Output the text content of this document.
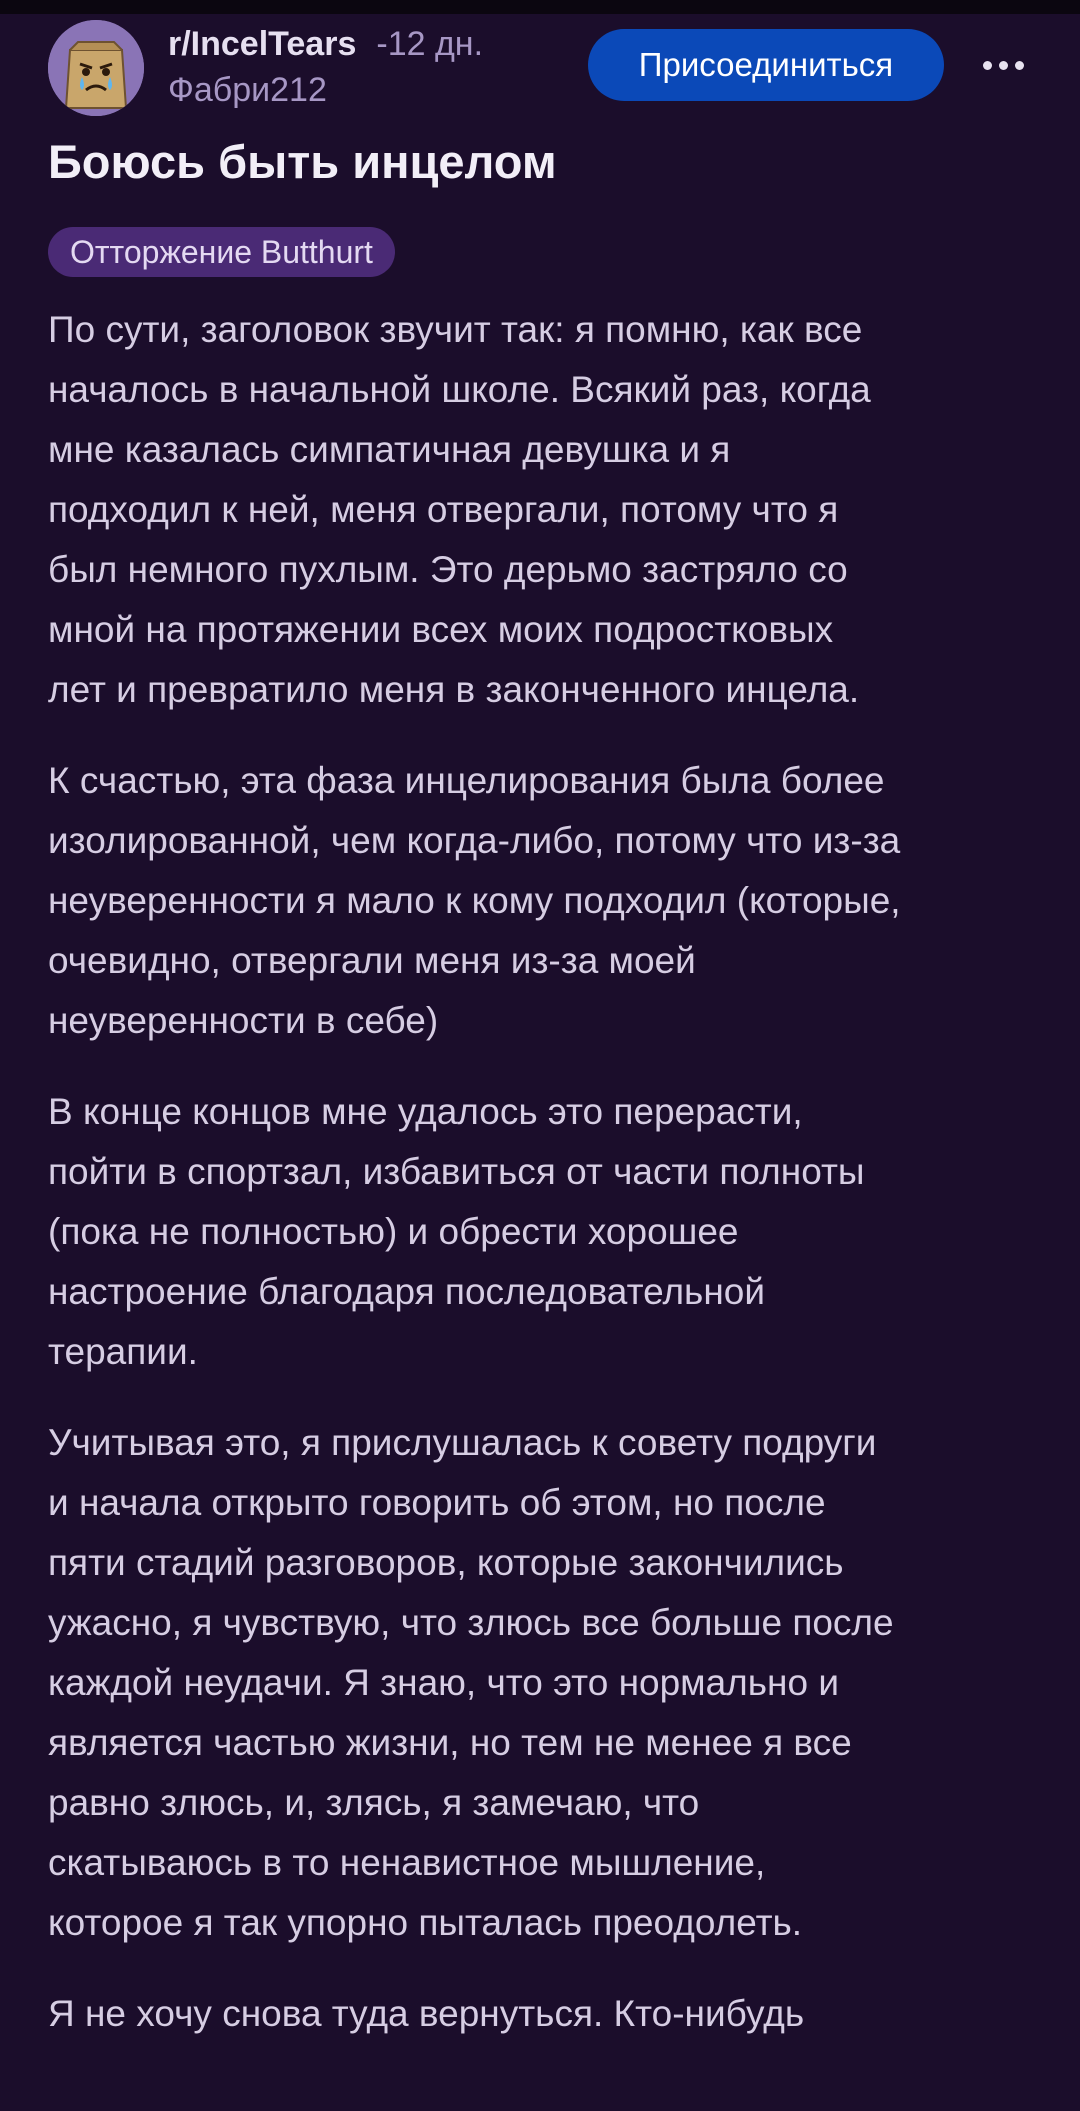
r/IncelTears -12 дн.
Фабри212
Присоединиться
Боюсь быть инцелом
Отторжение Butthurt

По сути, заголовок звучит так: я помню, как все
началось в начальной школе. Всякий раз, когда
мне казалась симпатичная девушка и я
подходил к ней, меня отвергали, потому что я
был немного пухлым. Это дерьмо застряло со
мной на протяжении всех моих подростковых
лет и превратило меня в законченного инцела.

К счастью, эта фаза инцелирования была более
изолированной, чем когда-либо, потому что из-за
неуверенности я мало к кому подходил (которые,
очевидно, отвергали меня из-за моей
неуверенности в себе)

В конце концов мне удалось это перерасти,
пойти в спортзал, избавиться от части полноты
(пока не полностью) и обрести хорошее
настроение благодаря последовательной
терапии.

Учитывая это, я прислушалась к совету подруги
и начала открыто говорить об этом, но после
пяти стадий разговоров, которые закончились
ужасно, я чувствую, что злюсь все больше после
каждой неудачи. Я знаю, что это нормально и
является частью жизни, но тем не менее я все
равно злюсь, и, злясь, я замечаю, что
скатываюсь в то ненавистное мышление,
которое я так упорно пыталась преодолеть.

Я не хочу снова туда вернуться. Кто-нибудь
